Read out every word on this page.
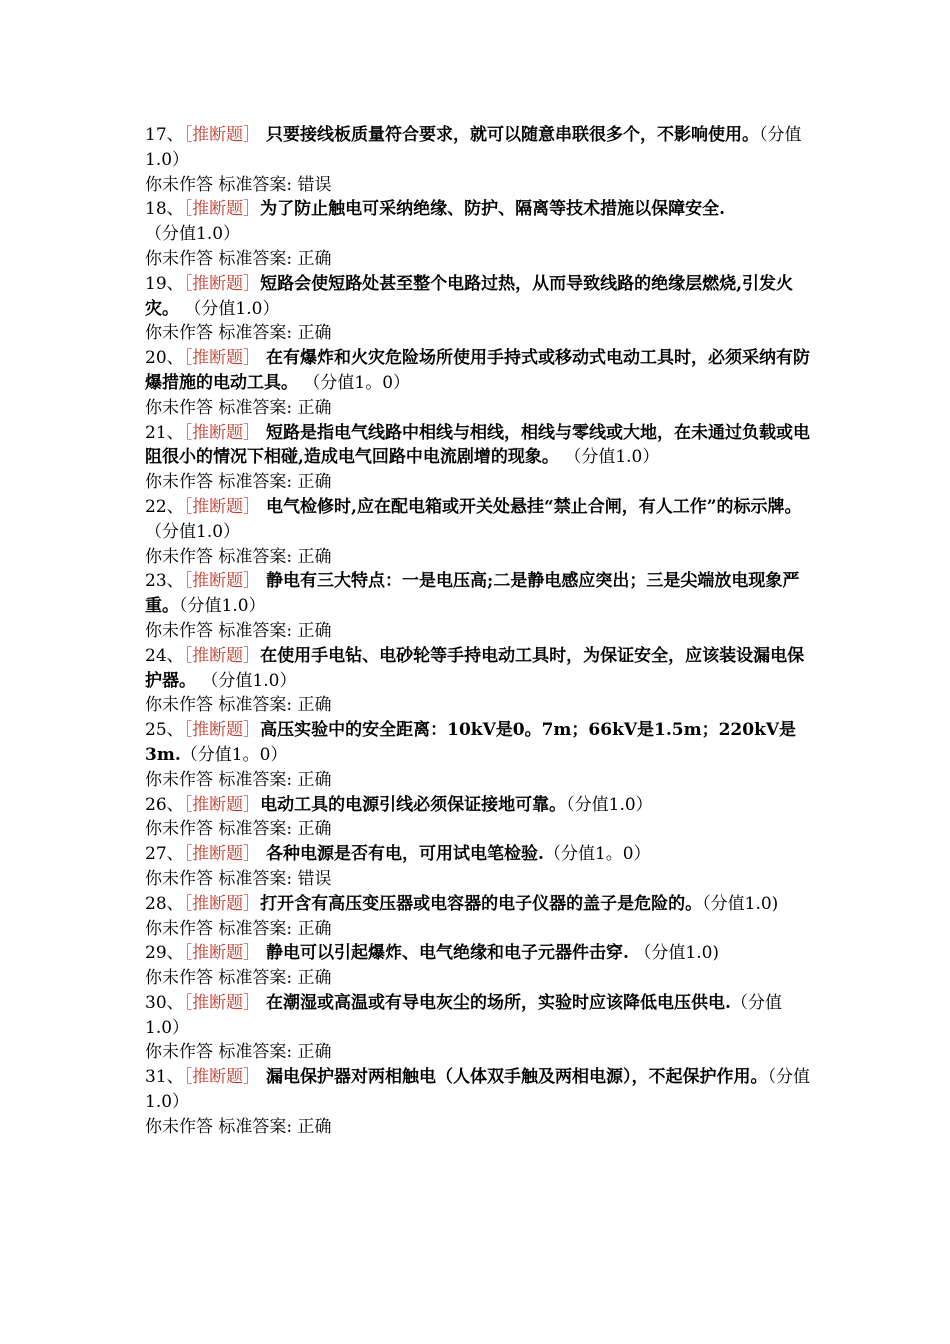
17、［推断题］ 只要接线板质量符合要求，就可以随意串联很多个，不影响使用。（分值1.0）

你未作答 标准答案: 错误

18、［推断题］为了防止触电可采纳绝缘、防护、隔离等技术措施以保障安全.（分值1.0）

你未作答 标准答案: 正确

19、［推断题］短路会使短路处甚至整个电路过热，从而导致线路的绝缘层燃烧,引发火灾。 （分值1.0）

你未作答 标准答案: 正确

20、［推断题］ 在有爆炸和火灾危险场所使用手持式或移动式电动工具时，必须采纳有防爆措施的电动工具。 （分值1。0）

你未作答 标准答案: 正确

21、［推断题］ 短路是指电气线路中相线与相线，相线与零线或大地，在未通过负载或电阻很小的情况下相碰,造成电气回路中电流剧增的现象。 （分值1.0）

你未作答 标准答案: 正确

22、［推断题］ 电气检修时,应在配电箱或开关处悬挂“禁止合闸，有人工作”的标示牌。 （分值1.0）

你未作答 标准答案: 正确

23、［推断题］ 静电有三大特点：一是电压高;二是静电感应突出；三是尖端放电现象严重。（分值1.0）

你未作答 标准答案: 正确

24、［推断题］在使用手电钻、电砂轮等手持电动工具时，为保证安全，应该装设漏电保护器。 （分值1.0）

你未作答 标准答案: 正确

25、［推断题］高压实验中的安全距离：10kV是0。7m；66kV是1.5m；220kV是3m.（分值1。0）

你未作答 标准答案: 正确

26、［推断题］电动工具的电源引线必须保证接地可靠。（分值1.0）

你未作答 标准答案: 正确

27、［推断题］ 各种电源是否有电，可用试电笔检验.（分值1。0）

你未作答 标准答案: 错误

28、［推断题］打开含有高压变压器或电容器的电子仪器的盖子是危险的。（分值1.0)

你未作答 标准答案: 正确

29、［推断题］ 静电可以引起爆炸、电气绝缘和电子元器件击穿. （分值1.0)

你未作答 标准答案: 正确

30、［推断题］ 在潮湿或高温或有导电灰尘的场所，实验时应该降低电压供电.（分值1.0）

你未作答 标准答案: 正确

31、［推断题］ 漏电保护器对两相触电（人体双手触及两相电源），不起保护作用。（分值1.0）

你未作答 标准答案: 正确
